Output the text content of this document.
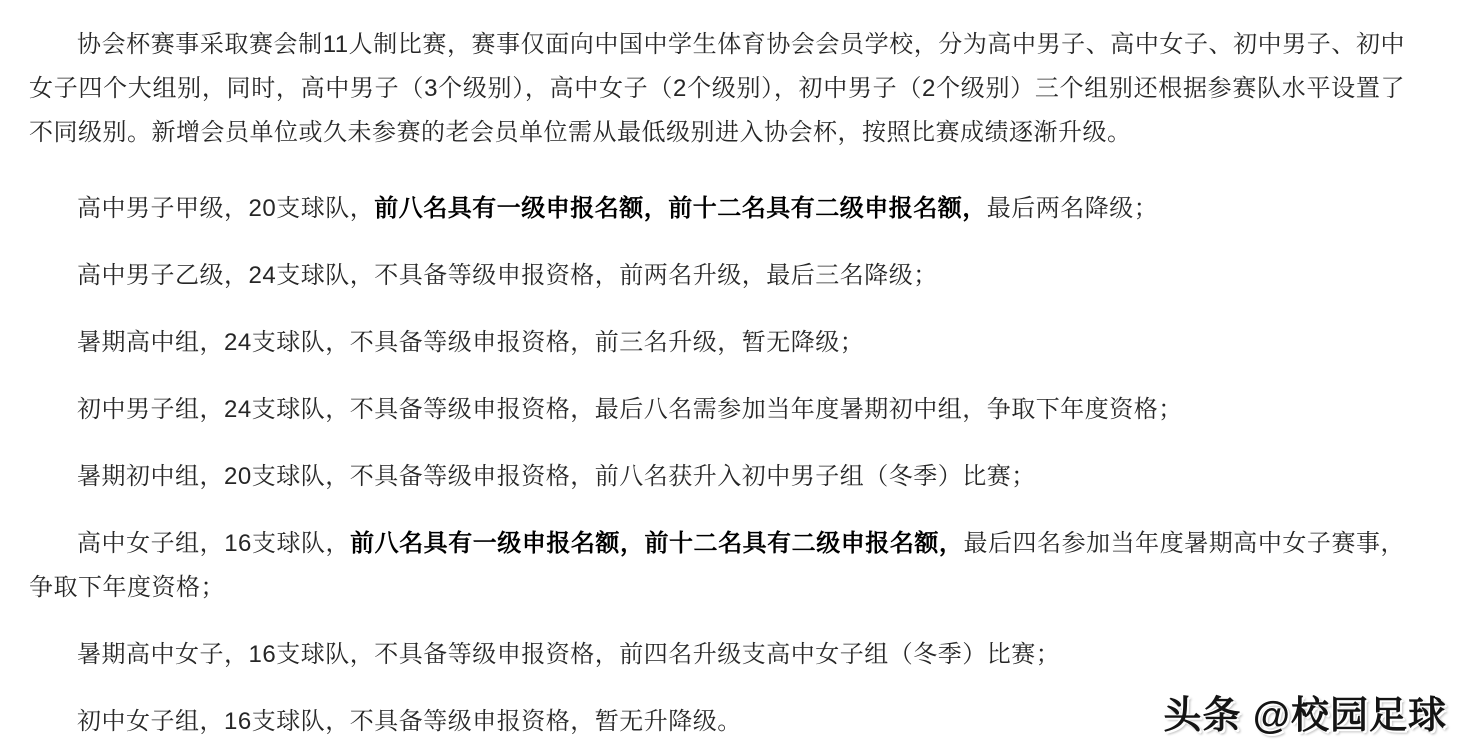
协会杯赛事采取赛会制11人制比赛，赛事仅面向中国中学生体育协会会员学校，分为高中男子、高中女子、初中男子、初中女子四个大组别，同时，高中男子（3个级别），高中女子（2个级别），初中男子（2个级别）三个组别还根据参赛队水平设置了不同级别。新增会员单位或久未参赛的老会员单位需从最低级别进入协会杯，按照比赛成绩逐渐升级。

高中男子甲级，20支球队，前八名具有一级申报名额，前十二名具有二级申报名额，最后两名降级；

高中男子乙级，24支球队，不具备等级申报资格，前两名升级，最后三名降级；

暑期高中组，24支球队，不具备等级申报资格，前三名升级，暂无降级；

初中男子组，24支球队，不具备等级申报资格，最后八名需参加当年度暑期初中组，争取下年度资格；

暑期初中组，20支球队，不具备等级申报资格，前八名获升入初中男子组（冬季）比赛；

高中女子组，16支球队，前八名具有一级申报名额，前十二名具有二级申报名额，最后四名参加当年度暑期高中女子赛事，争取下年度资格；

暑期高中女子，16支球队，不具备等级申报资格，前四名升级支高中女子组（冬季）比赛；

初中女子组，16支球队，不具备等级申报资格，暂无升降级。	头条 @校园足球
